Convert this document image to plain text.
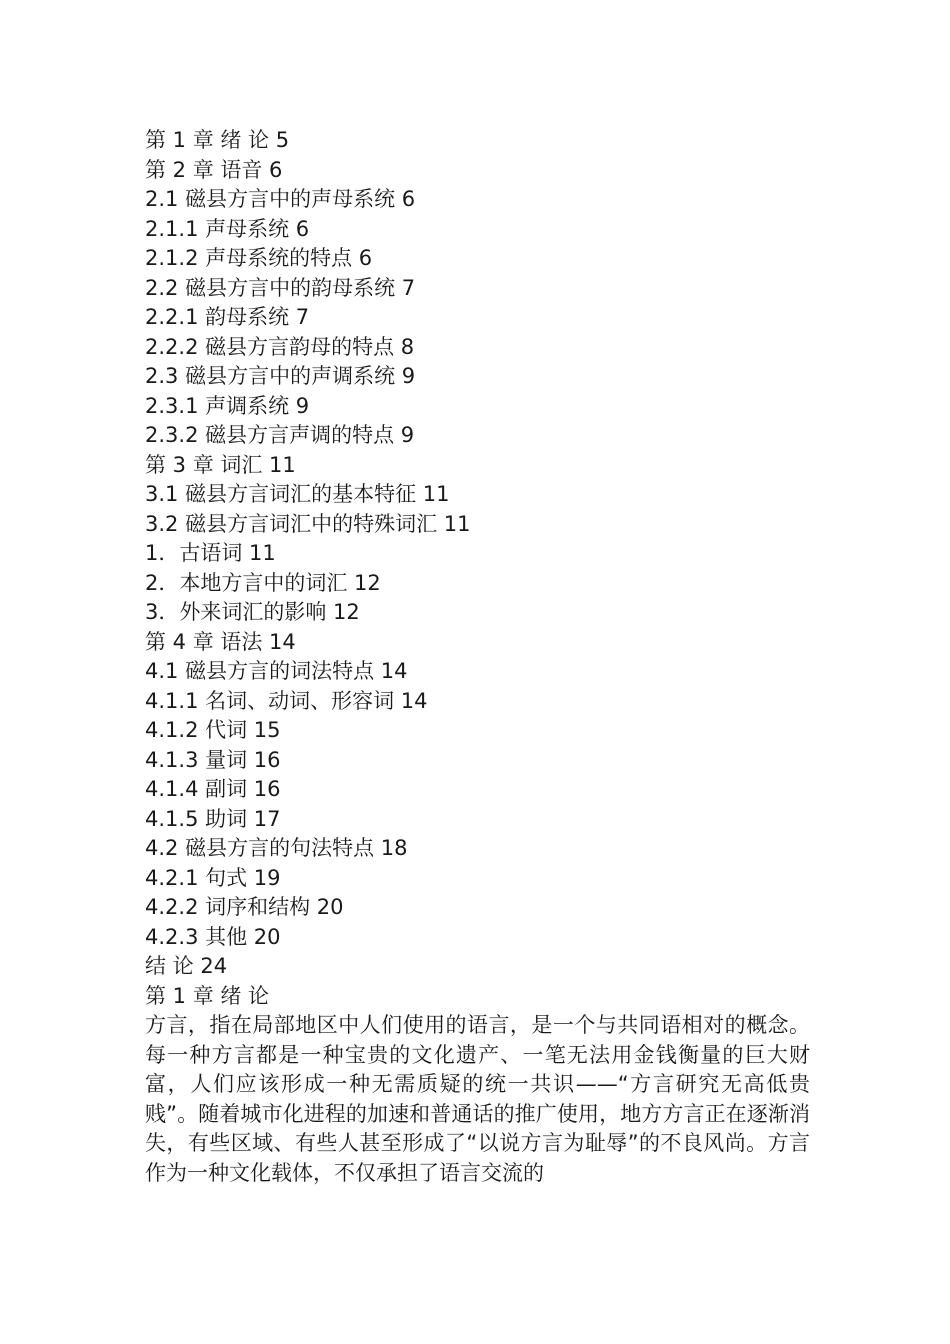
第 1 章 绪 论 5
第 2 章 语音 6
2.1 磁县方言中的声母系统 6
2.1.1 声母系统 6
2.1.2 声母系统的特点 6
2.2 磁县方言中的韵母系统 7
2.2.1 韵母系统 7
2.2.2 磁县方言韵母的特点 8
2.3 磁县方言中的声调系统 9
2.3.1 声调系统 9
2.3.2 磁县方言声调的特点 9
第 3 章 词汇 11
3.1 磁县方言词汇的基本特征 11
3.2 磁县方言词汇中的特殊词汇 11
1．古语词 11
2．本地方言中的词汇 12
3．外来词汇的影响 12
第 4 章 语法 14
4.1 磁县方言的词法特点 14
4.1.1 名词、动词、形容词 14
4.1.2 代词 15
4.1.3 量词 16
4.1.4 副词 16
4.1.5 助词 17
4.2 磁县方言的句法特点 18
4.2.1 句式 19
4.2.2 词序和结构 20
4.2.3 其他 20
结 论 24
第 1 章 绪 论

方言，指在局部地区中人们使用的语言，是一个与共同语相对的概念。每一种方言都是一种宝贵的文化遗产、一笔无法用金钱衡量的巨大财富，人们应该形成一种无需质疑的统一共识——“方言研究无高低贵贱”。随着城市化进程的加速和普通话的推广使用，地方方言正在逐渐消失，有些区域、有些人甚至形成了“以说方言为耻辱”的不良风尚。方言作为一种文化载体，不仅承担了语言交流的
